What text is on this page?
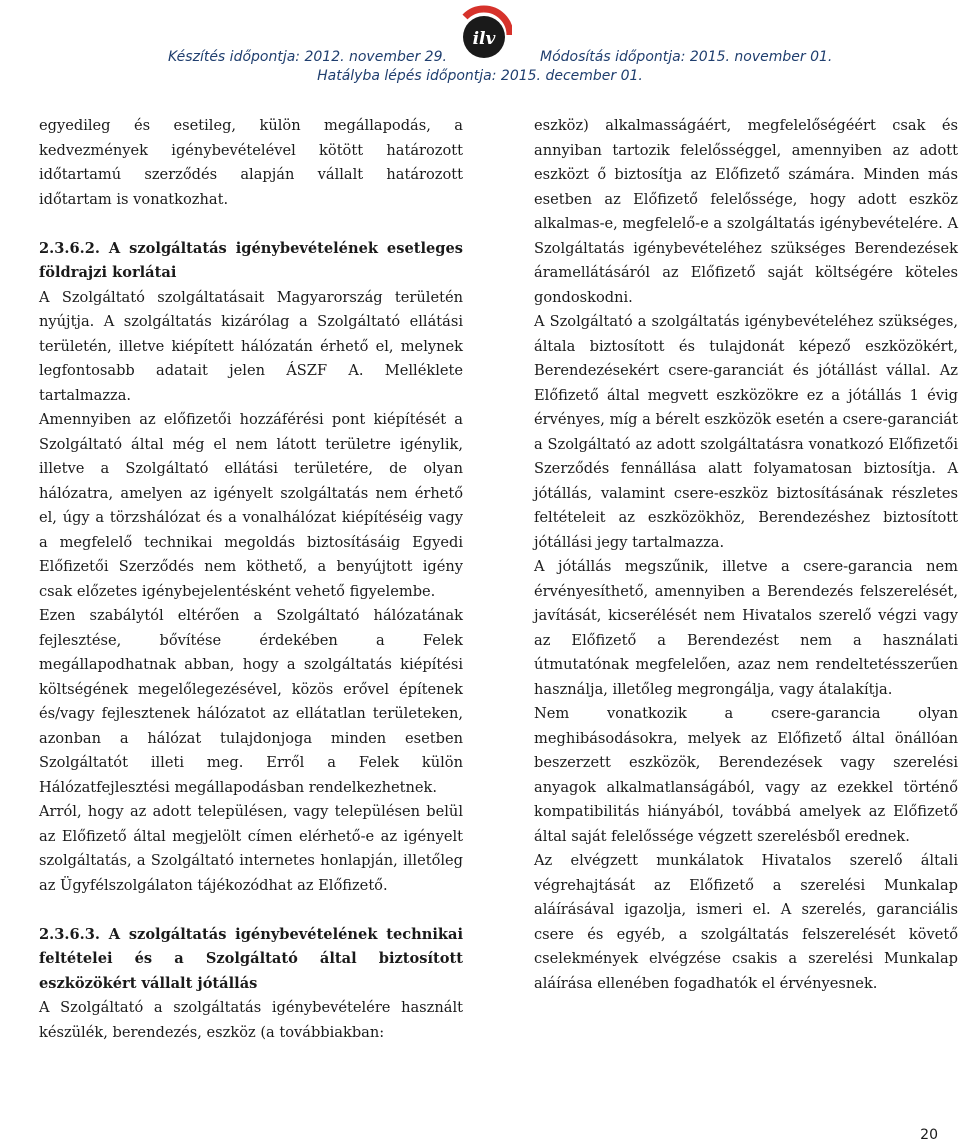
Készítés időpontja: 2012. november 29.	Módosítás időpontja: 2015. november 01.
Hatályba lépés időpontja: 2015. december 01.
ilv

egyedileg és esetileg, külön megállapodás, a kedvezmények igénybevételével kötött határozott időtartamú szerződés alapján vállalt határozott időtartam is vonatkozhat.

2.3.6.2. A szolgáltatás igénybevételének esetleges földrajzi korlátai

A Szolgáltató szolgáltatásait Magyarország területén nyújtja. A szolgáltatás kizárólag a Szolgáltató ellátási területén, illetve kiépített hálózatán érhető el, melynek legfontosabb adatait jelen ÁSZF A. Melléklete tartalmazza.

Amennyiben az előfizetői hozzáférési pont kiépítését a Szolgáltató által még el nem látott területre igénylik, illetve a Szolgáltató ellátási területére, de olyan hálózatra, amelyen az igényelt szolgáltatás nem érhető el, úgy a törzshálózat és a vonalhálózat kiépítéséig vagy a megfelelő technikai megoldás biztosításáig Egyedi Előfizetői Szerződés nem köthető, a benyújtott igény csak előzetes igénybejelentésként vehető figyelembe.

Ezen szabálytól eltérően a Szolgáltató hálózatának fejlesztése, bővítése érdekében a Felek megállapodhatnak abban, hogy a szolgáltatás kiépítési költségének megelőlegezésével, közös erővel építenek és/vagy fejlesztenek hálózatot az ellátatlan területeken, azonban a hálózat tulajdonjoga minden esetben Szolgáltatót illeti meg. Erről a Felek külön Hálózatfejlesztési megállapodásban rendelkezhetnek.

Arról, hogy az adott településen, vagy településen belül az Előfizető által megjelölt címen elérhető-e az igényelt szolgáltatás, a Szolgáltató internetes honlapján, illetőleg az Ügyfélszolgálaton tájékozódhat az Előfizető.

2.3.6.3. A szolgáltatás igénybevételének technikai feltételei és a Szolgáltató által biztosított eszközökért vállalt jótállás

A Szolgáltató a szolgáltatás igénybevételére használt készülék, berendezés, eszköz (a továbbiakban:

eszköz) alkalmasságáért, megfelelőségéért csak és annyiban tartozik felelősséggel, amennyiben az adott eszközt ő biztosítja az Előfizető számára. Minden más esetben az Előfizető felelőssége, hogy adott eszköz alkalmas-e, megfelelő-e a szolgáltatás igénybevételére. A Szolgáltatás igénybevételéhez szükséges Berendezések áramellátásáról az Előfizető saját költségére köteles gondoskodni.

A Szolgáltató a szolgáltatás igénybevételéhez szükséges, általa biztosított és tulajdonát képező eszközökért, Berendezésekért csere-garanciát és jótállást vállal. Az Előfizető által megvett eszközökre ez a jótállás 1 évig érvényes, míg a bérelt eszközök esetén a csere-garanciát a Szolgáltató az adott szolgáltatásra vonatkozó Előfizetői Szerződés fennállása alatt folyamatosan biztosítja. A jótállás, valamint csere-eszköz biztosításának részletes feltételeit az eszközökhöz, Berendezéshez biztosított jótállási jegy tartalmazza.

A jótállás megszűnik, illetve a csere-garancia nem érvényesíthető, amennyiben a Berendezés felszerelését, javítását, kicserélését nem Hivatalos szerelő végzi vagy az Előfizető a Berendezést nem a használati útmutatónak megfelelően, azaz nem rendeltetésszerűen használja, illetőleg megrongálja, vagy átalakítja.

Nem vonatkozik a csere-garancia olyan meghibásodásokra, melyek az Előfizető által önállóan beszerzett eszközök, Berendezések vagy szerelési anyagok alkalmatlanságából, vagy az ezekkel történő kompatibilitás hiányából, továbbá amelyek az Előfizető által saját felelőssége végzett szerelésből erednek.

Az elvégzett munkálatok Hivatalos szerelő általi végrehajtását az Előfizető a szerelési Munkalap aláírásával igazolja, ismeri el. A szerelés, garanciális csere és egyéb, a szolgáltatás felszerelését követő cselekmények elvégzése csakis a szerelési Munkalap aláírása ellenében fogadhatók el érvényesnek.

20
